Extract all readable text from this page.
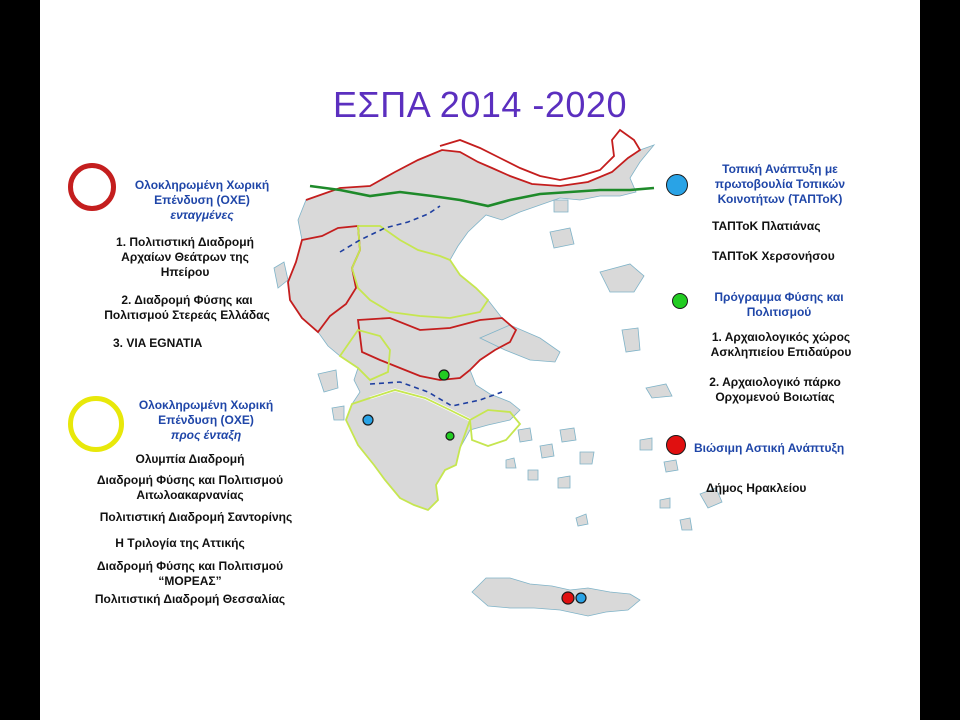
ΕΣΠΑ 2014 -2020
Ολοκληρωμένη Χωρική
Επένδυση (ΟΧΕ)
ενταγμένες
1. Πολιτιστική Διαδρομή
Αρχαίων Θεάτρων της
Ηπείρου
2. Διαδρομή Φύσης και
Πολιτισμού Στερεάς Ελλάδας
3. VIA EGNATIA
Ολοκληρωμένη Χωρική
Επένδυση (ΟΧΕ)
προς ένταξη
Ολυμπία Διαδρομή
Διαδρομή Φύσης και Πολιτισμού
Αιτωλοακαρνανίας
Πολιτιστική Διαδρομή Σαντορίνης
Η Τριλογία της Αττικής
Διαδρομή Φύσης και Πολιτισμού
“ΜΟΡΕΑΣ”
Πολιτιστική Διαδρομή Θεσσαλίας
Τοπική Ανάπτυξη με
πρωτοβουλία Τοπικών
Κοινοτήτων (ΤΑΠΤοΚ)
ΤΑΠΤοΚ Πλατιάνας
ΤΑΠΤοΚ Χερσονήσου
Πρόγραμμα Φύσης και
Πολιτισμού
1. Αρχαιολογικός χώρος
Ασκληπιείου Επιδαύρου
2. Αρχαιολογικό πάρκο
Ορχομενού Βοιωτίας
Βιώσιμη Αστική Ανάπτυξη
Δήμος Ηρακλείου
